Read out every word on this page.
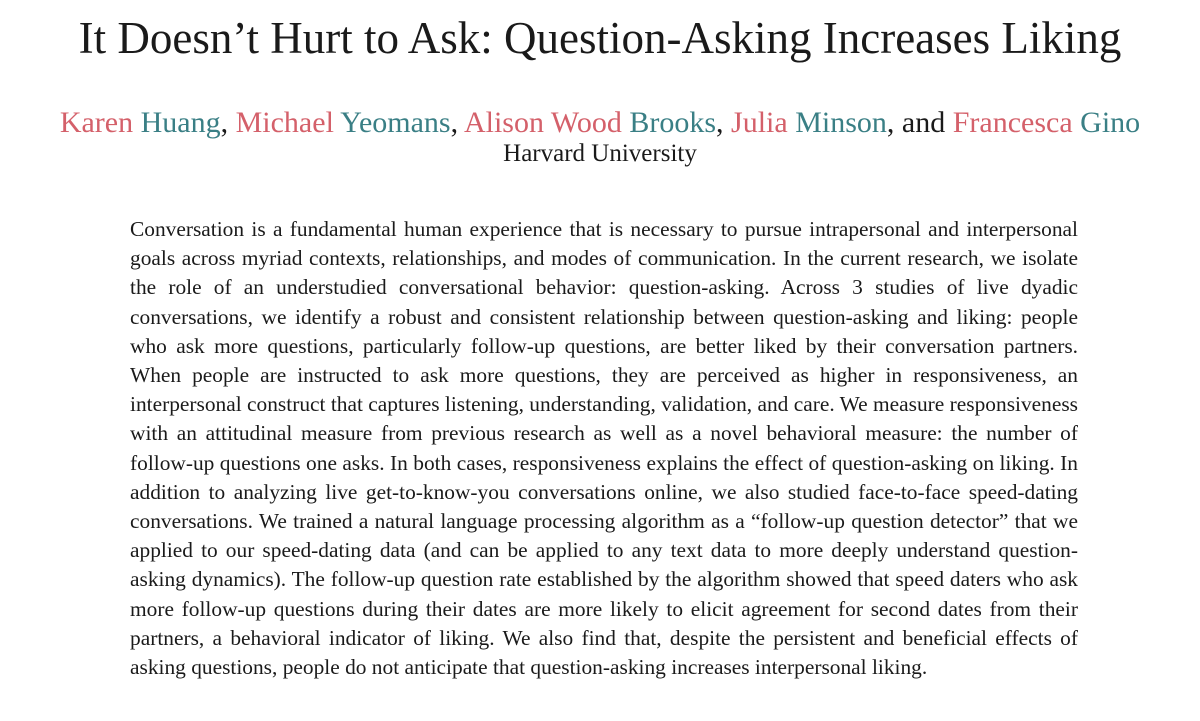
It Doesn’t Hurt to Ask: Question-Asking Increases Liking
Karen Huang, Michael Yeomans, Alison Wood Brooks, Julia Minson, and Francesca Gino
Harvard University

Conversation is a fundamental human experience that is necessary to pursue intrapersonal and interpersonal goals across myriad contexts, relationships, and modes of communication. In the current research, we isolate the role of an understudied conversational behavior: question-asking. Across 3 studies of live dyadic conversations, we identify a robust and consistent relationship between question-asking and liking: people who ask more questions, particularly follow-up questions, are better liked by their conversation partners. When people are instructed to ask more questions, they are perceived as higher in responsiveness, an interpersonal construct that captures listening, understanding, validation, and care. We measure responsiveness with an attitudinal measure from previous research as well as a novel behavioral measure: the number of follow-up questions one asks. In both cases, responsiveness explains the effect of question-asking on liking. In addition to analyzing live get-to-know-you conversations online, we also studied face-to-face speed-dating conversations. We trained a natural language processing algorithm as a “follow-up question detector” that we applied to our speed-dating data (and can be applied to any text data to more deeply understand question-asking dynamics). The follow-up question rate established by the algorithm showed that speed daters who ask more follow-up questions during their dates are more likely to elicit agreement for second dates from their partners, a behavioral indicator of liking. We also find that, despite the persistent and beneficial effects of asking questions, people do not anticipate that question-asking increases interpersonal liking.
